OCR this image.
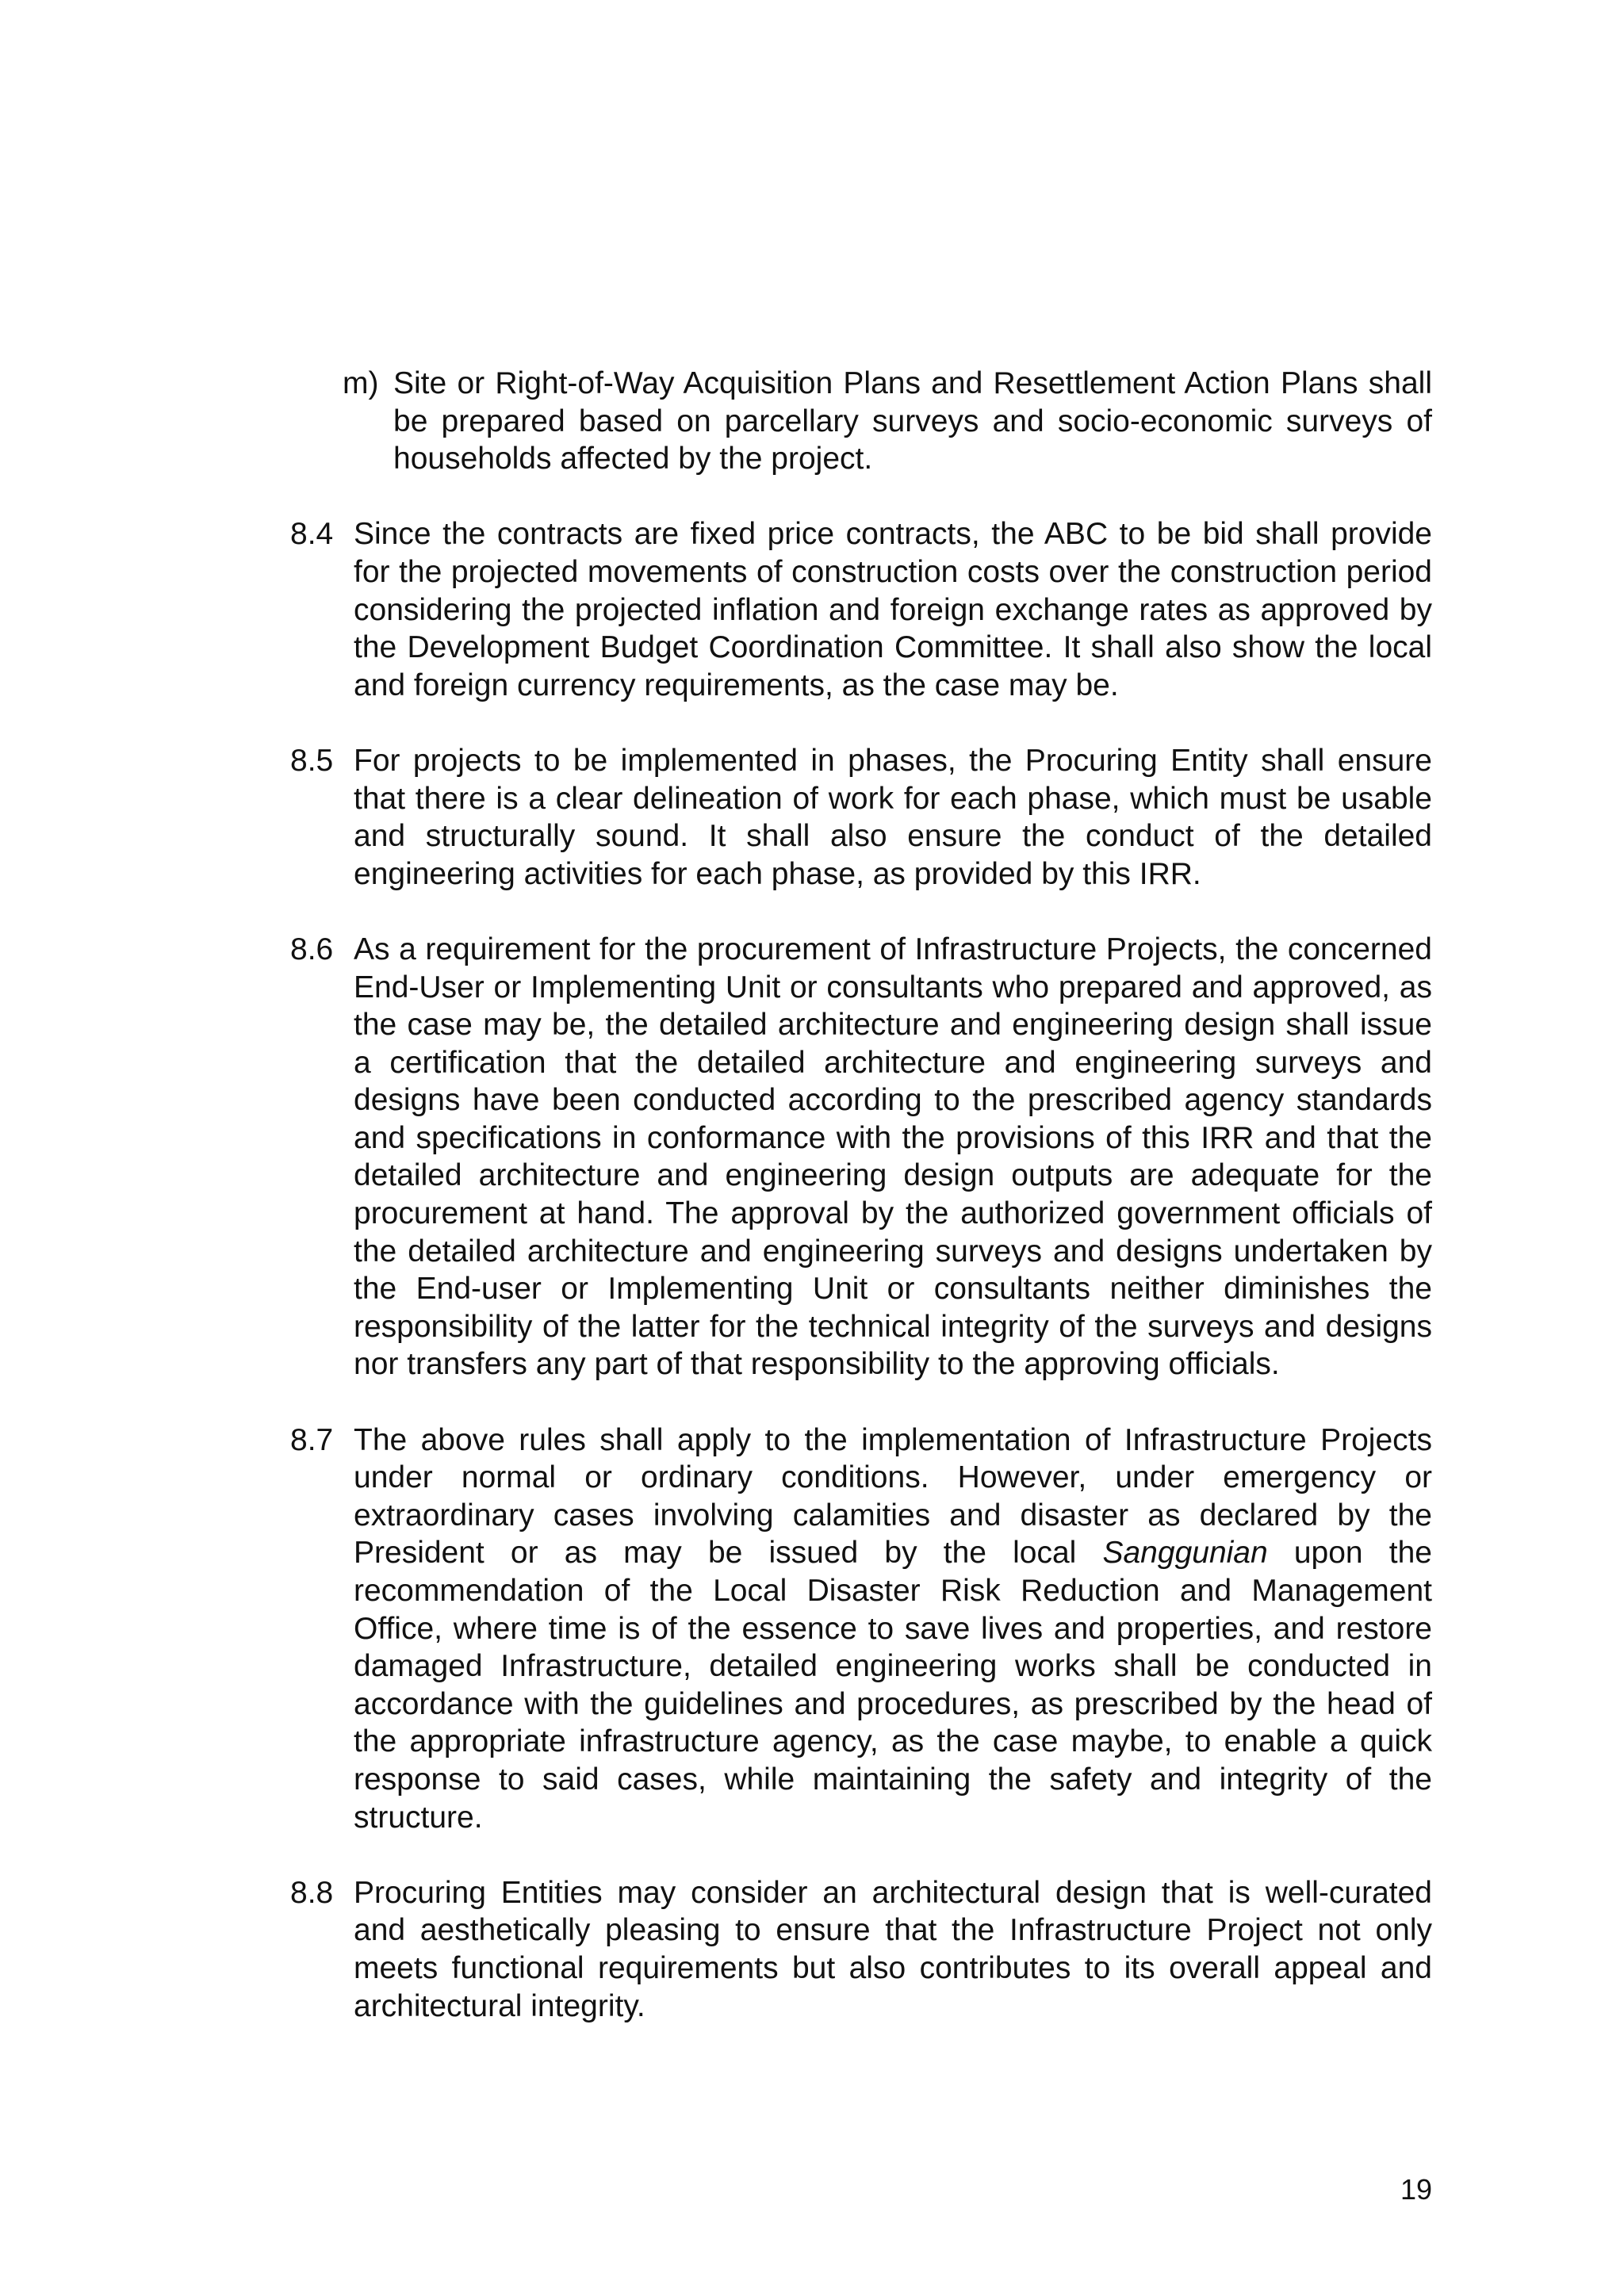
m) Site or Right-of-Way Acquisition Plans and Resettlement Action Plans shall be prepared based on parcellary surveys and socio-economic surveys of households affected by the project.
8.4 Since the contracts are fixed price contracts, the ABC to be bid shall provide for the projected movements of construction costs over the construction period considering the projected inflation and foreign exchange rates as approved by the Development Budget Coordination Committee. It shall also show the local and foreign currency requirements, as the case may be.
8.5 For projects to be implemented in phases, the Procuring Entity shall ensure that there is a clear delineation of work for each phase, which must be usable and structurally sound. It shall also ensure the conduct of the detailed engineering activities for each phase, as provided by this IRR.
8.6 As a requirement for the procurement of Infrastructure Projects, the concerned End-User or Implementing Unit or consultants who prepared and approved, as the case may be, the detailed architecture and engineering design shall issue a certification that the detailed architecture and engineering surveys and designs have been conducted according to the prescribed agency standards and specifications in conformance with the provisions of this IRR and that the detailed architecture and engineering design outputs are adequate for the procurement at hand. The approval by the authorized government officials of the detailed architecture and engineering surveys and designs undertaken by the End-user or Implementing Unit or consultants neither diminishes the responsibility of the latter for the technical integrity of the surveys and designs nor transfers any part of that responsibility to the approving officials.
8.7 The above rules shall apply to the implementation of Infrastructure Projects under normal or ordinary conditions. However, under emergency or extraordinary cases involving calamities and disaster as declared by the President or as may be issued by the local Sanggunian upon the recommendation of the Local Disaster Risk Reduction and Management Office, where time is of the essence to save lives and properties, and restore damaged Infrastructure, detailed engineering works shall be conducted in accordance with the guidelines and procedures, as prescribed by the head of the appropriate infrastructure agency, as the case maybe, to enable a quick response to said cases, while maintaining the safety and integrity of the structure.
8.8 Procuring Entities may consider an architectural design that is well-curated and aesthetically pleasing to ensure that the Infrastructure Project not only meets functional requirements but also contributes to its overall appeal and architectural integrity.
19
